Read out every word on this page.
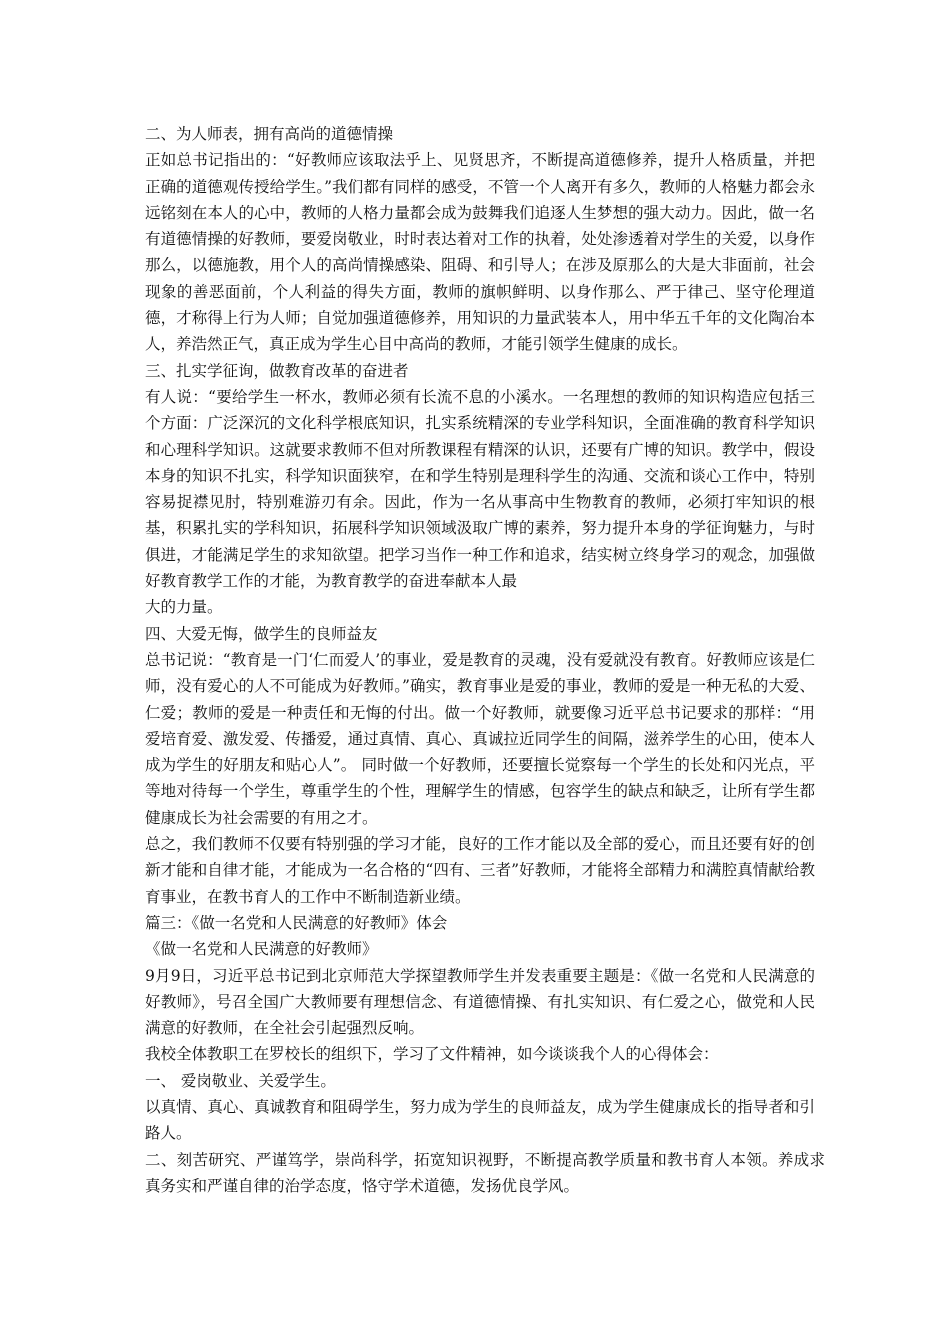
二、为人师表，拥有高尚的道德情操

正如总书记指出的：“好教师应该取法乎上、见贤思齐，不断提高道德修养，提升人格质量，并把正确的道德观传授给学生。”我们都有同样的感受，不管一个人离开有多久，教师的人格魅力都会永远铭刻在本人的心中，教师的人格力量都会成为鼓舞我们追逐人生梦想的强大动力。因此，做一名有道德情操的好教师，要爱岗敬业，时时表达着对工作的执着，处处渗透着对学生的关爱，以身作那么，以德施教，用个人的高尚情操感染、阻碍、和引导人；在涉及原那么的大是大非面前，社会现象的善恶面前，个人利益的得失方面，教师的旗帜鲜明、以身作那么、严于律己、坚守伦理道德，才称得上行为人师；自觉加强道德修养，用知识的力量武装本人，用中华五千年的文化陶冶本人，养浩然正气，真正成为学生心目中高尚的教师，才能引领学生健康的成长。

三、扎实学征询，做教育改革的奋进者

有人说：“要给学生一杯水，教师必须有长流不息的小溪水。一名理想的教师的知识构造应包括三个方面：广泛深沉的文化科学根底知识，扎实系统精深的专业学科知识，全面准确的教育科学知识和心理科学知识。这就要求教师不但对所教课程有精深的认识，还要有广博的知识。教学中，假设本身的知识不扎实，科学知识面狭窄，在和学生特别是理科学生的沟通、交流和谈心工作中，特别容易捉襟见肘，特别难游刃有余。因此，作为一名从事高中生物教育的教师，必须打牢知识的根基，积累扎实的学科知识，拓展科学知识领域汲取广博的素养，努力提升本身的学征询魅力，与时俱进，才能满足学生的求知欲望。把学习当作一种工作和追求，结实树立终身学习的观念，加强做好教育教学工作的才能，为教育教学的奋进奉献本人最

大的力量。

四、大爱无悔，做学生的良师益友

总书记说：“教育是一门‘仁而爱人’的事业，爱是教育的灵魂，没有爱就没有教育。好教师应该是仁师，没有爱心的人不可能成为好教师。”确实，教育事业是爱的事业，教师的爱是一种无私的大爱、仁爱；教师的爱是一种责任和无悔的付出。做一个好教师，就要像习近平总书记要求的那样：“用爱培育爱、激发爱、传播爱，通过真情、真心、真诚拉近同学生的间隔，滋养学生的心田，使本人成为学生的好朋友和贴心人”。 同时做一个好教师，还要擅长觉察每一个学生的长处和闪光点，平等地对待每一个学生，尊重学生的个性，理解学生的情感，包容学生的缺点和缺乏，让所有学生都健康成长为社会需要的有用之才。

总之，我们教师不仅要有特别强的学习才能，良好的工作才能以及全部的爱心，而且还要有好的创新才能和自律才能，才能成为一名合格的“四有、三者”好教师，才能将全部精力和满腔真情献给教育事业，在教书育人的工作中不断制造新业绩。

篇三：《做一名党和人民满意的好教师》体会

《做一名党和人民满意的好教师》

9月9日，习近平总书记到北京师范大学探望教师学生并发表重要主题是：《做一名党和人民满意的好教师》，号召全国广大教师要有理想信念、有道德情操、有扎实知识、有仁爱之心，做党和人民满意的好教师，在全社会引起强烈反响。

我校全体教职工在罗校长的组织下，学习了文件精神，如今谈谈我个人的心得体会：

一、 爱岗敬业、关爱学生。

以真情、真心、真诚教育和阻碍学生，努力成为学生的良师益友，成为学生健康成长的指导者和引路人。

二、刻苦研究、严谨笃学，崇尚科学，拓宽知识视野，不断提高教学质量和教书育人本领。养成求真务实和严谨自律的治学态度，恪守学术道德，发扬优良学风。
